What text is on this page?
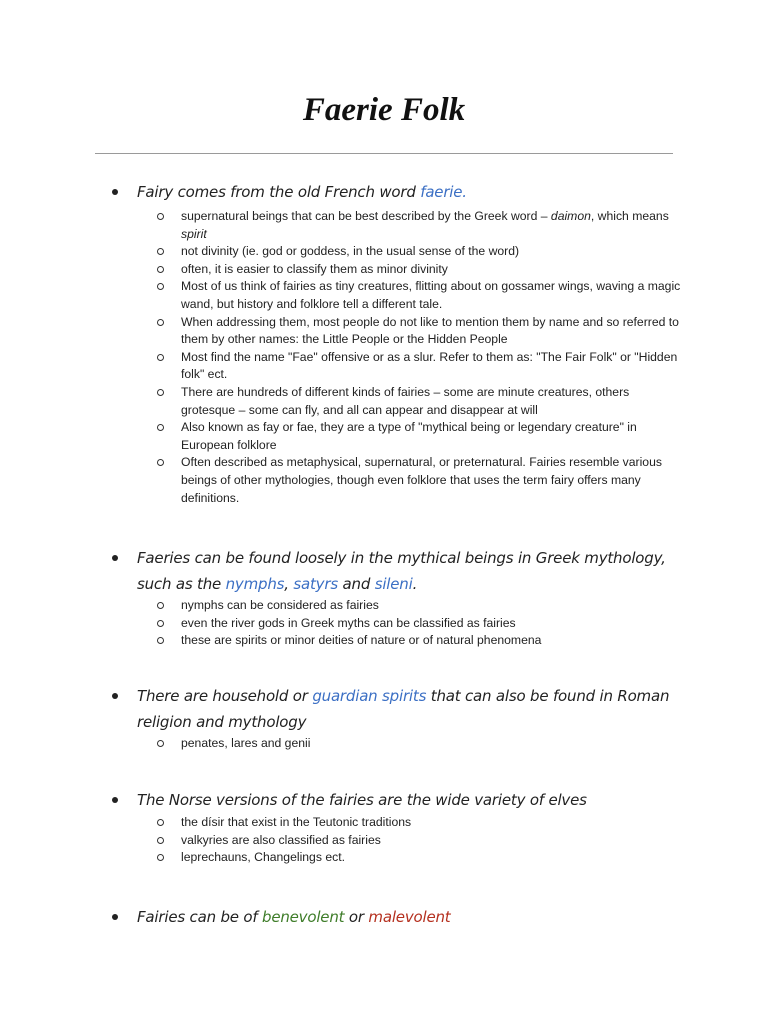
Faerie Folk
Fairy comes from the old French word faerie.
supernatural beings that can be best described by the Greek word – daimon, which means spirit
not divinity (ie. god or goddess, in the usual sense of the word)
often, it is easier to classify them as minor divinity
Most of us think of fairies as tiny creatures, flitting about on gossamer wings, waving a magic wand, but history and folklore tell a different tale.
When addressing them, most people do not like to mention them by name and so referred to them by other names: the Little People or the Hidden People
Most find the name "Fae" offensive or as a slur. Refer to them as: "The Fair Folk" or "Hidden folk" ect.
There are hundreds of different kinds of fairies – some are minute creatures, others grotesque – some can fly, and all can appear and disappear at will
Also known as fay or fae, they are a type of "mythical being or legendary creature" in European folklore
Often described as metaphysical, supernatural, or preternatural. Fairies resemble various beings of other mythologies, though even folklore that uses the term fairy offers many definitions.
Faeries can be found loosely in the mythical beings in Greek mythology, such as the nymphs, satyrs and sileni.
nymphs can be considered as fairies
even the river gods in Greek myths can be classified as fairies
these are spirits or minor deities of nature or of natural phenomena
There are household or guardian spirits that can also be found in Roman religion and mythology
penates, lares and genii
The Norse versions of the fairies are the wide variety of elves
the dísir that exist in the Teutonic traditions
valkyries are also classified as fairies
leprechauns, Changelings ect.
Fairies can be of benevolent or malevolent
